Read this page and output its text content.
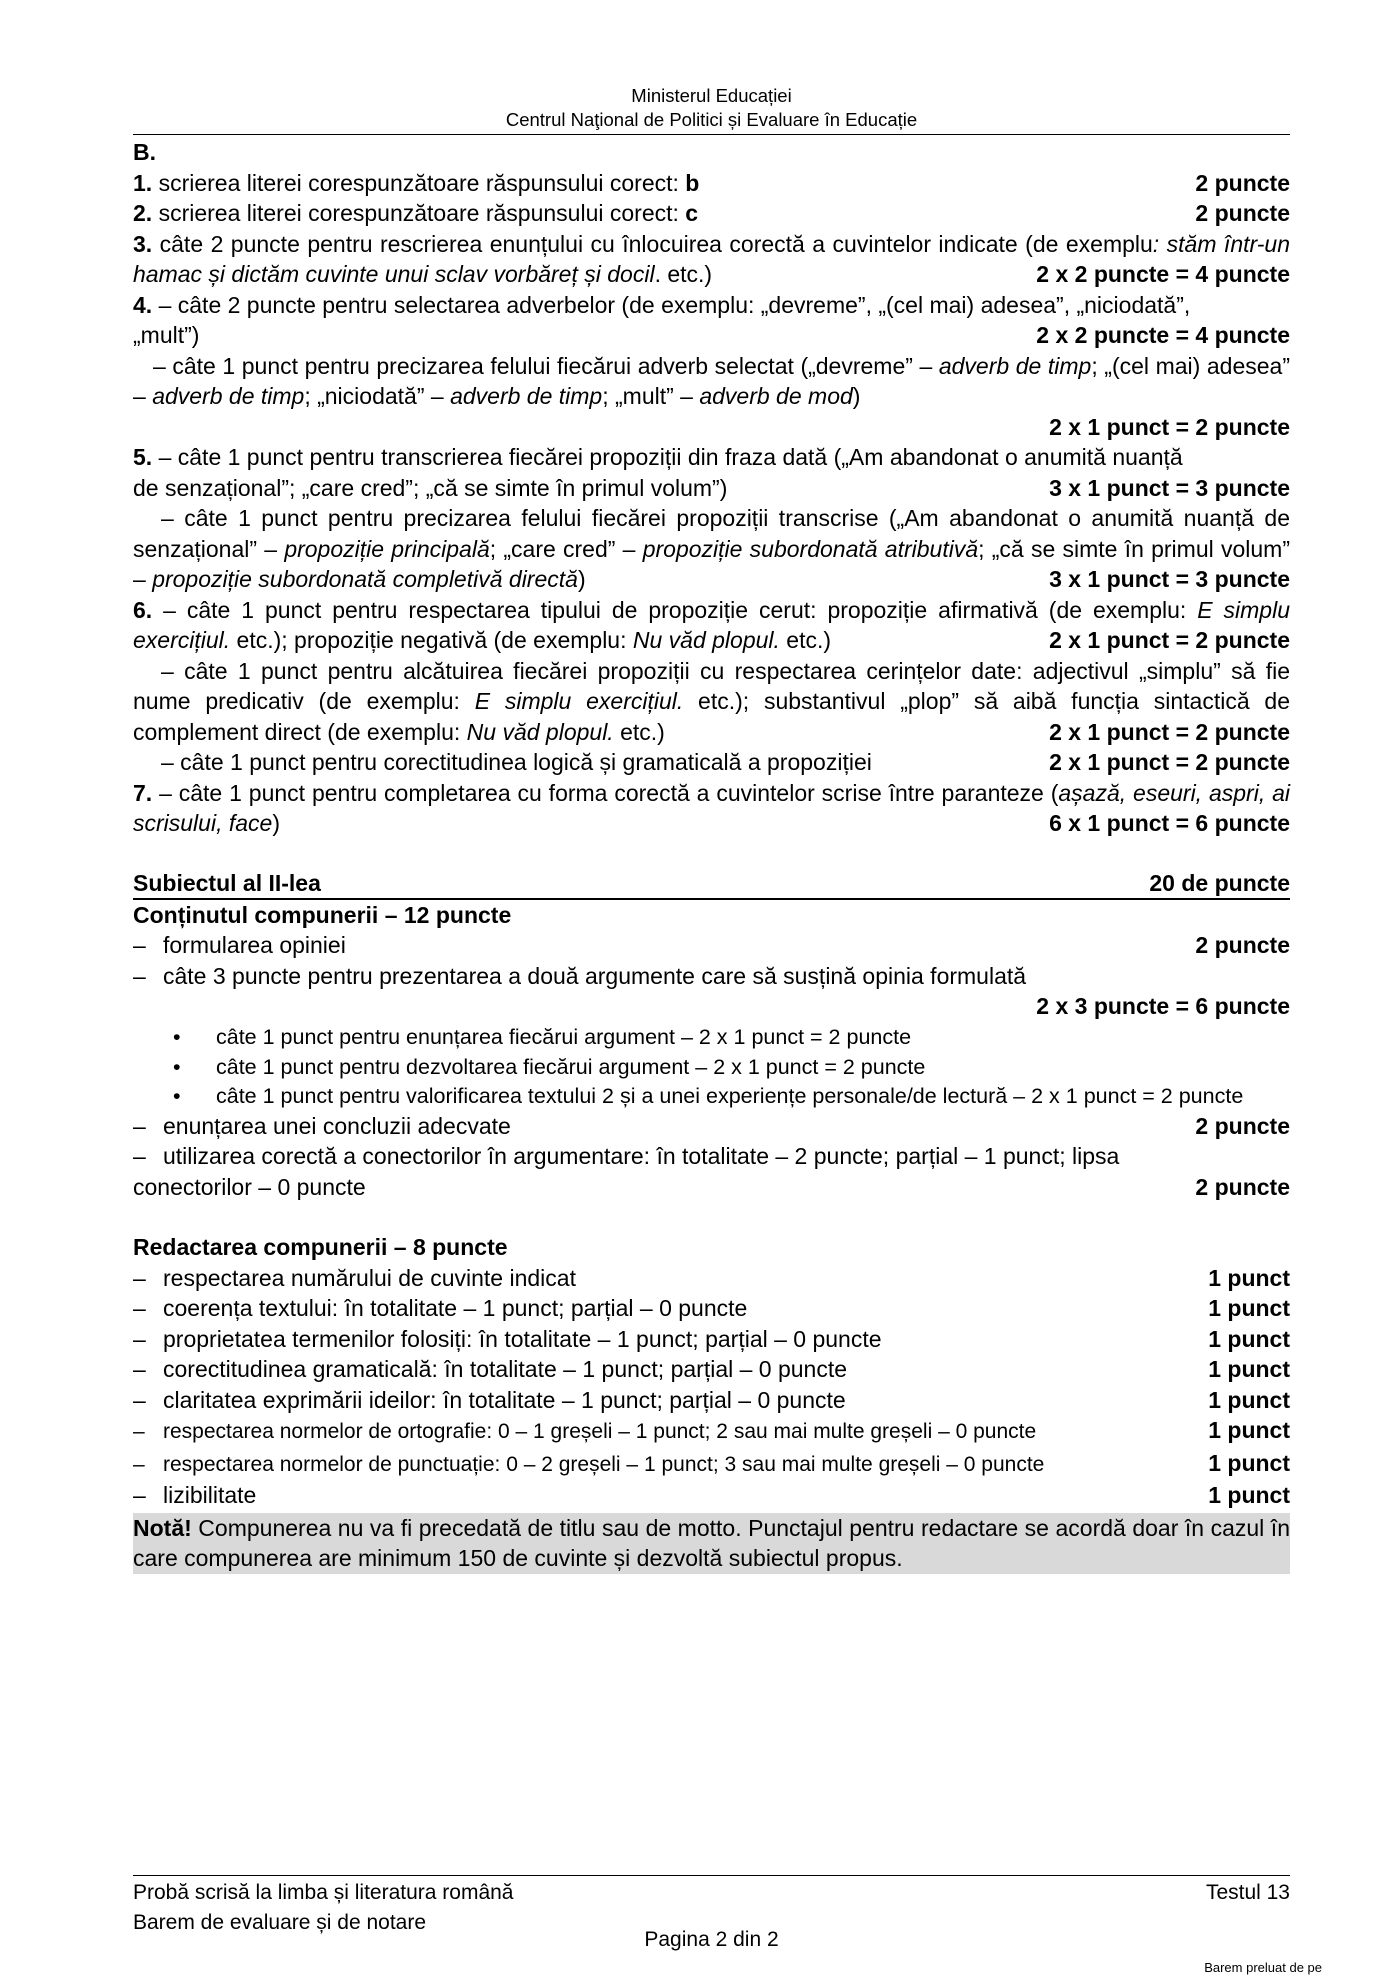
Ministerul Educației
Centrul Naţional de Politici și Evaluare în Educație
B.
1. scrierea literei corespunzătoare răspunsului corect: b	2 puncte
2. scrierea literei corespunzătoare răspunsului corect: c	2 puncte
3. câte 2 puncte pentru rescrierea enunțului cu înlocuirea corectă a cuvintelor indicate (de exemplu: stăm într-un hamac și dictăm cuvinte unui sclav vorbăreț și docil. etc.)	2 x 2 puncte = 4 puncte
4. – câte 2 puncte pentru selectarea adverbelor (de exemplu: „devreme”, „(cel mai) adesea”, „niciodată”,
„mult”)	2 x 2 puncte = 4 puncte
– câte 1 punct pentru precizarea felului fiecărui adverb selectat („devreme” – adverb de timp; „(cel mai) adesea” – adverb de timp; „niciodată” – adverb de timp; „mult” – adverb de mod)
2 x 1 punct = 2 puncte
5. – câte 1 punct pentru transcrierea fiecărei propoziții din fraza dată („Am abandonat o anumită nuanță
de senzațional”; „care cred”; „că se simte în primul volum”)	3 x 1 punct = 3 puncte
– câte 1 punct pentru precizarea felului fiecărei propoziții transcrise („Am abandonat o anumită nuanță de senzațional” – propoziție principală; „care cred” – propoziție subordonată atributivă; „că se simte în primul volum” – propoziție subordonată completivă directă)	3 x 1 punct = 3 puncte
6. – câte 1 punct pentru respectarea tipului de propoziție cerut: propoziție afirmativă (de exemplu: E simplu exercițiul. etc.); propoziție negativă (de exemplu: Nu văd plopul. etc.)	2 x 1 punct = 2 puncte
– câte 1 punct pentru alcătuirea fiecărei propoziții cu respectarea cerințelor date: adjectivul „simplu” să fie nume predicativ (de exemplu: E simplu exercițiul. etc.); substantivul „plop” să aibă funcția sintactică de complement direct (de exemplu: Nu văd plopul. etc.)	2 x 1 punct = 2 puncte
– câte 1 punct pentru corectitudinea logică și gramaticală a propoziției	2 x 1 punct = 2 puncte
7. – câte 1 punct pentru completarea cu forma corectă a cuvintelor scrise între paranteze (așază, eseuri, aspri, ai scrisului, face)	6 x 1 punct = 6 puncte
Subiectul al II-lea	20 de puncte
Conținutul compunerii – 12 puncte
– formularea opiniei	2 puncte
– câte 3 puncte pentru prezentarea a două argumente care să susțină opinia formulată
2 x 3 puncte = 6 puncte
•	câte 1 punct pentru enunțarea fiecărui argument – 2 x 1 punct = 2 puncte
•	câte 1 punct pentru dezvoltarea fiecărui argument – 2 x 1 punct = 2 puncte
•	câte 1 punct pentru valorificarea textului 2 și a unei experiențe personale/de lectură – 2 x 1 punct = 2 puncte
– enunțarea unei concluzii adecvate	2 puncte
– utilizarea corectă a conectorilor în argumentare: în totalitate – 2 puncte; parțial – 1 punct; lipsa
conectorilor – 0 puncte	2 puncte
Redactarea compunerii – 8 puncte
– respectarea numărului de cuvinte indicat	1 punct
– coerența textului: în totalitate – 1 punct; parțial – 0 puncte	1 punct
– proprietatea termenilor folosiți: în totalitate – 1 punct; parțial – 0 puncte	1 punct
– corectitudinea gramaticală: în totalitate – 1 punct; parțial – 0 puncte	1 punct
– claritatea exprimării ideilor: în totalitate – 1 punct; parțial – 0 puncte	1 punct
– respectarea normelor de ortografie: 0 – 1 greșeli – 1 punct; 2 sau mai multe greșeli – 0 puncte	1 punct
– respectarea normelor de punctuație: 0 – 2 greșeli – 1 punct; 3 sau mai multe greșeli – 0 puncte	1 punct
– lizibilitate	1 punct
Notă! Compunerea nu va fi precedată de titlu sau de motto. Punctajul pentru redactare se acordă doar în cazul în care compunerea are minimum 150 de cuvinte și dezvoltă subiectul propus.
Probă scrisă la limba și literatura română	Testul 13
Barem de evaluare și de notare
Pagina 2 din 2
Barem preluat de pe
